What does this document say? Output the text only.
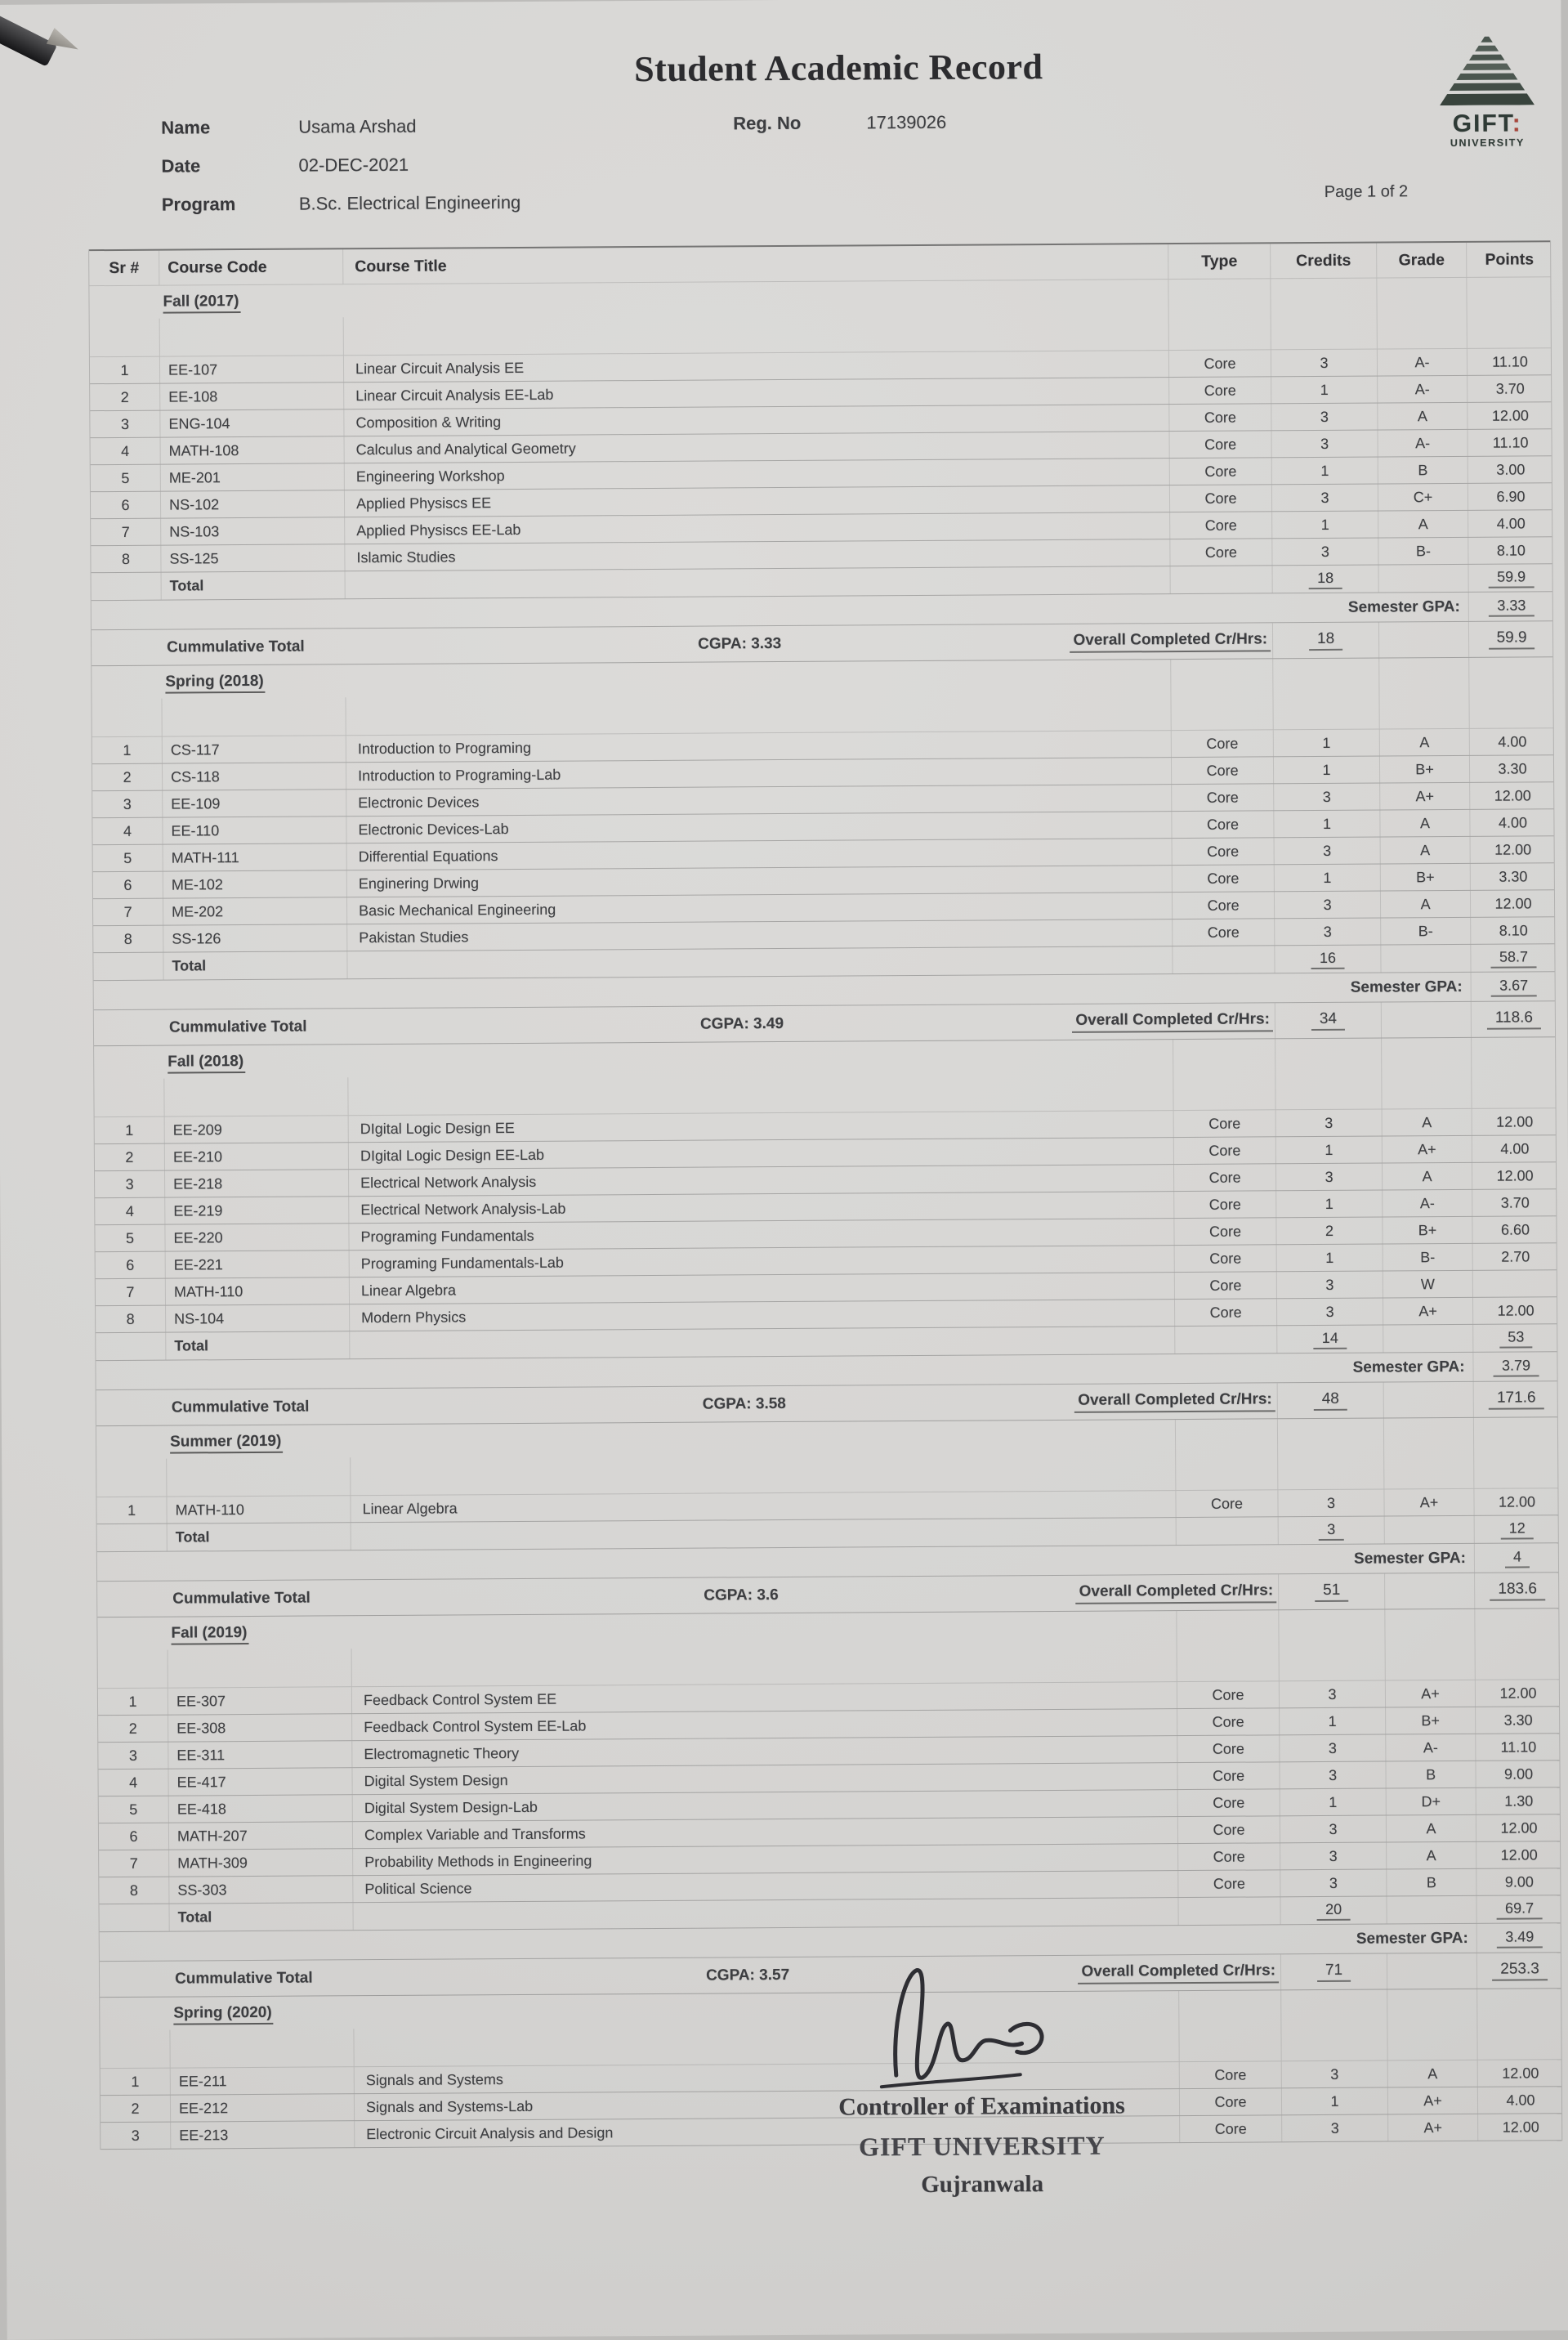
Student Academic Record
Name	Usama Arshad
Date	02-DEC-2021
Program	B.Sc. Electrical Engineering
Reg. No	17139026
Page 1 of 2
GIFT:
UNIVERSITY
Sr #	Course Code	Course Title	Type	Credits	Grade	Points
Fall (2017)
1	EE-107	Linear Circuit Analysis EE	Core	3	A-	11.10
2	EE-108	Linear Circuit Analysis EE-Lab	Core	1	A-	3.70
3	ENG-104	Composition & Writing	Core	3	A	12.00
4	MATH-108	Calculus and Analytical Geometry	Core	3	A-	11.10
5	ME-201	Engineering Workshop	Core	1	B	3.00
6	NS-102	Applied Physiscs EE	Core	3	C+	6.90
7	NS-103	Applied Physiscs EE-Lab	Core	1	A	4.00
8	SS-125	Islamic Studies	Core	3	B-	8.10
Total	18	59.9
Semester GPA:	3.33
Cummulative Total	CGPA: 3.33	Overall Completed Cr/Hrs:	18	59.9
Spring (2018)
1	CS-117	Introduction to Programing	Core	1	A	4.00
2	CS-118	Introduction to Programing-Lab	Core	1	B+	3.30
3	EE-109	Electronic Devices	Core	3	A+	12.00
4	EE-110	Electronic Devices-Lab	Core	1	A	4.00
5	MATH-111	Differential Equations	Core	3	A	12.00
6	ME-102	Enginering Drwing	Core	1	B+	3.30
7	ME-202	Basic Mechanical Engineering	Core	3	A	12.00
8	SS-126	Pakistan Studies	Core	3	B-	8.10
Total	16	58.7
Semester GPA:	3.67
Cummulative Total	CGPA: 3.49	Overall Completed Cr/Hrs:	34	118.6
Fall (2018)
1	EE-209	DIgital Logic Design EE	Core	3	A	12.00
2	EE-210	DIgital Logic Design EE-Lab	Core	1	A+	4.00
3	EE-218	Electrical Network Analysis	Core	3	A	12.00
4	EE-219	Electrical Network Analysis-Lab	Core	1	A-	3.70
5	EE-220	Programing Fundamentals	Core	2	B+	6.60
6	EE-221	Programing Fundamentals-Lab	Core	1	B-	2.70
7	MATH-110	Linear Algebra	Core	3	W
8	NS-104	Modern Physics	Core	3	A+	12.00
Total	14	53
Semester GPA:	3.79
Cummulative Total	CGPA: 3.58	Overall Completed Cr/Hrs:	48	171.6
Summer (2019)
1	MATH-110	Linear Algebra	Core	3	A+	12.00
Total	3	12
Semester GPA:	4
Cummulative Total	CGPA: 3.6	Overall Completed Cr/Hrs:	51	183.6
Fall (2019)
1	EE-307	Feedback Control System EE	Core	3	A+	12.00
2	EE-308	Feedback Control System EE-Lab	Core	1	B+	3.30
3	EE-311	Electromagnetic Theory	Core	3	A-	11.10
4	EE-417	Digital System Design	Core	3	B	9.00
5	EE-418	Digital System Design-Lab	Core	1	D+	1.30
6	MATH-207	Complex Variable and Transforms	Core	3	A	12.00
7	MATH-309	Probability Methods in Engineering	Core	3	A	12.00
8	SS-303	Political Science	Core	3	B	9.00
Total	20	69.7
Semester GPA:	3.49
Cummulative Total	CGPA: 3.57	Overall Completed Cr/Hrs:	71	253.3
Spring (2020)
1	EE-211	Signals and Systems	Core	3	A	12.00
2	EE-212	Signals and Systems-Lab	Core	1	A+	4.00
3	EE-213	Electronic Circuit Analysis and Design	Core	3	A+	12.00
Controller of Examinations
GIFT UNIVERSITY
Gujranwala
